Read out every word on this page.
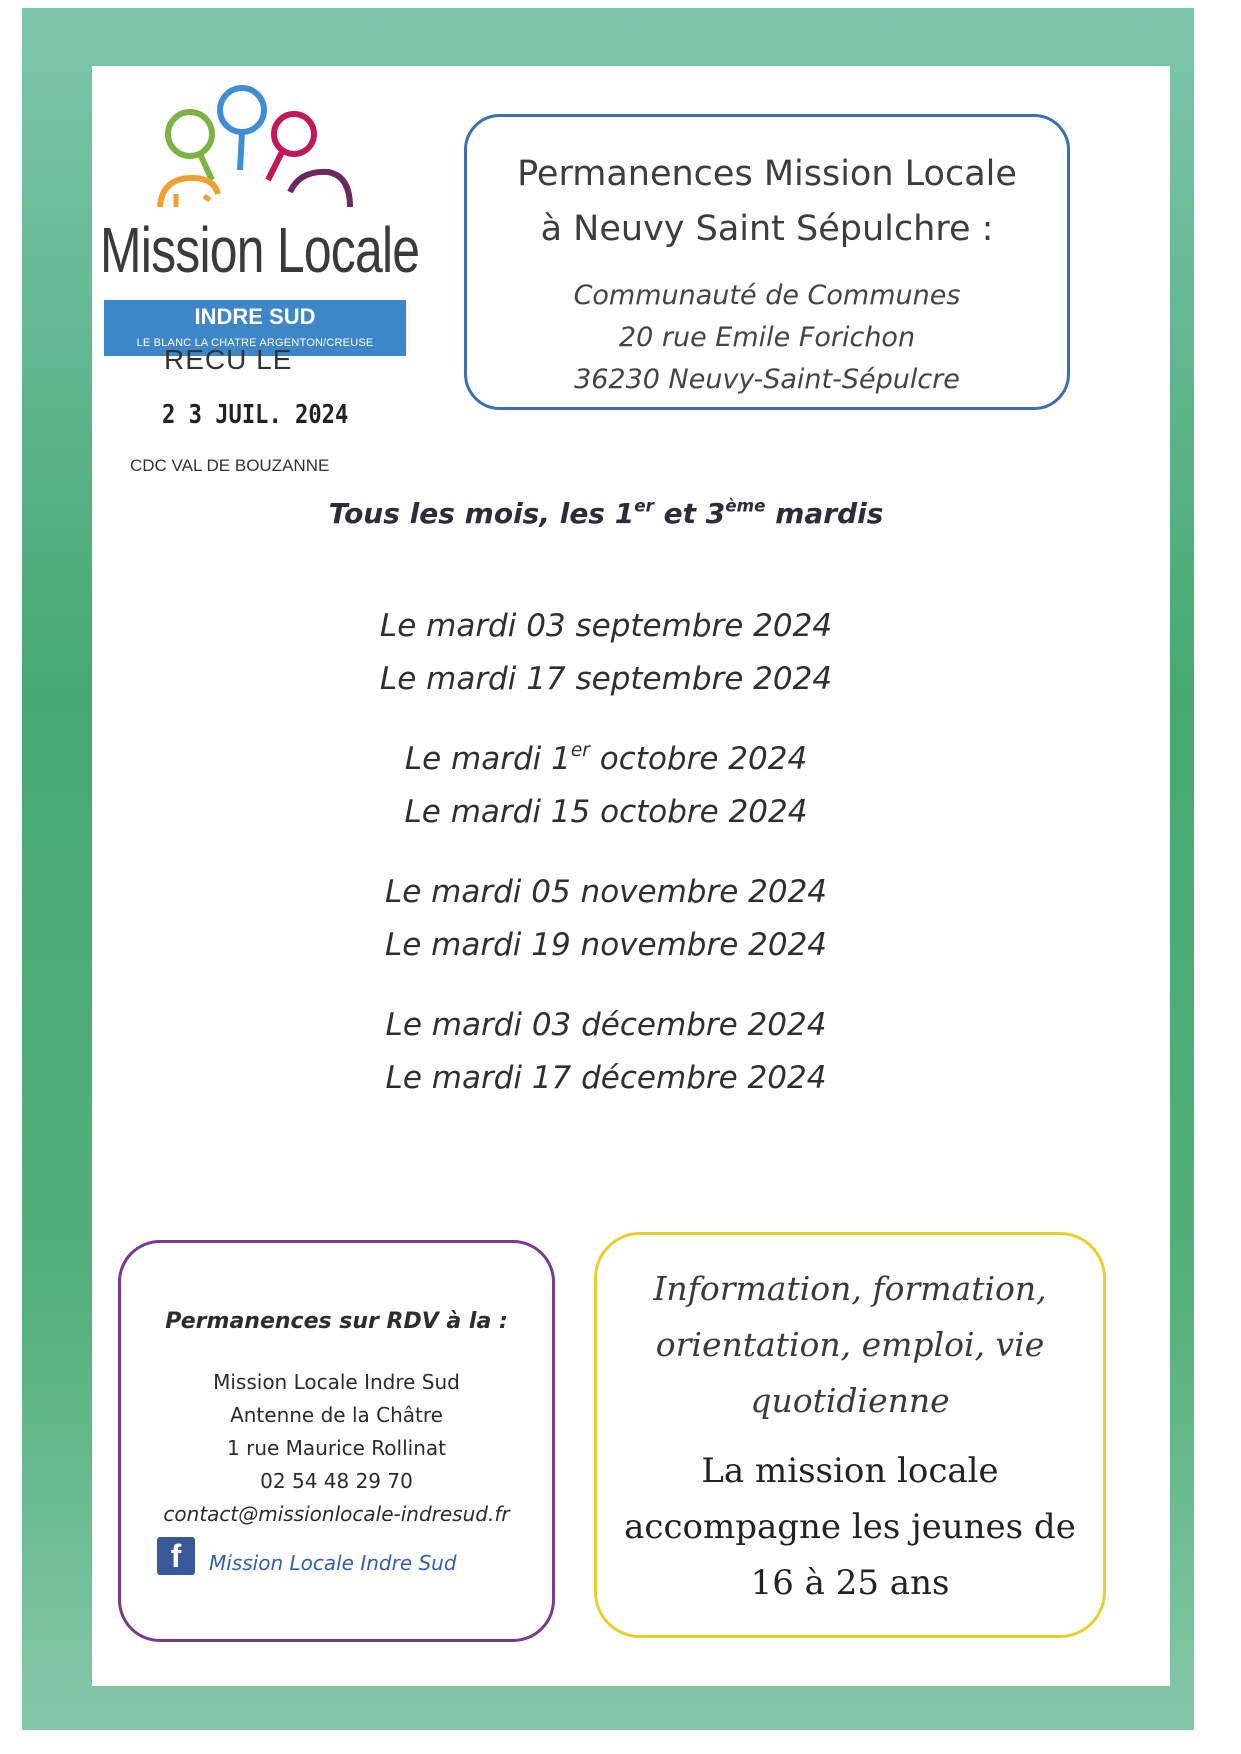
Mission Locale
INDRE SUD
LE BLANC LA CHATRE ARGENTON/CREUSE
RECU LE
2 3 JUIL. 2024
CDC VAL DE BOUZANNE
Permanences Mission Locale
à Neuvy Saint Sépulchre :
Communauté de Communes
20 rue Emile Forichon
36230 Neuvy-Saint-Sépulcre
Tous les mois, les 1er et 3ème mardis
Le mardi 03 septembre 2024
Le mardi 17 septembre 2024
Le mardi 1er octobre 2024
Le mardi 15 octobre 2024
Le mardi 05 novembre 2024
Le mardi 19 novembre 2024
Le mardi 03 décembre 2024
Le mardi 17 décembre 2024
Permanences sur RDV à la :
Mission Locale Indre Sud
Antenne de la Châtre
1 rue Maurice Rollinat
02 54 48 29 70
contact@missionlocale-indresud.fr
f	Mission Locale Indre Sud
Information, formation,
orientation, emploi, vie
quotidienne
La mission locale
accompagne les jeunes de
16 à 25 ans
